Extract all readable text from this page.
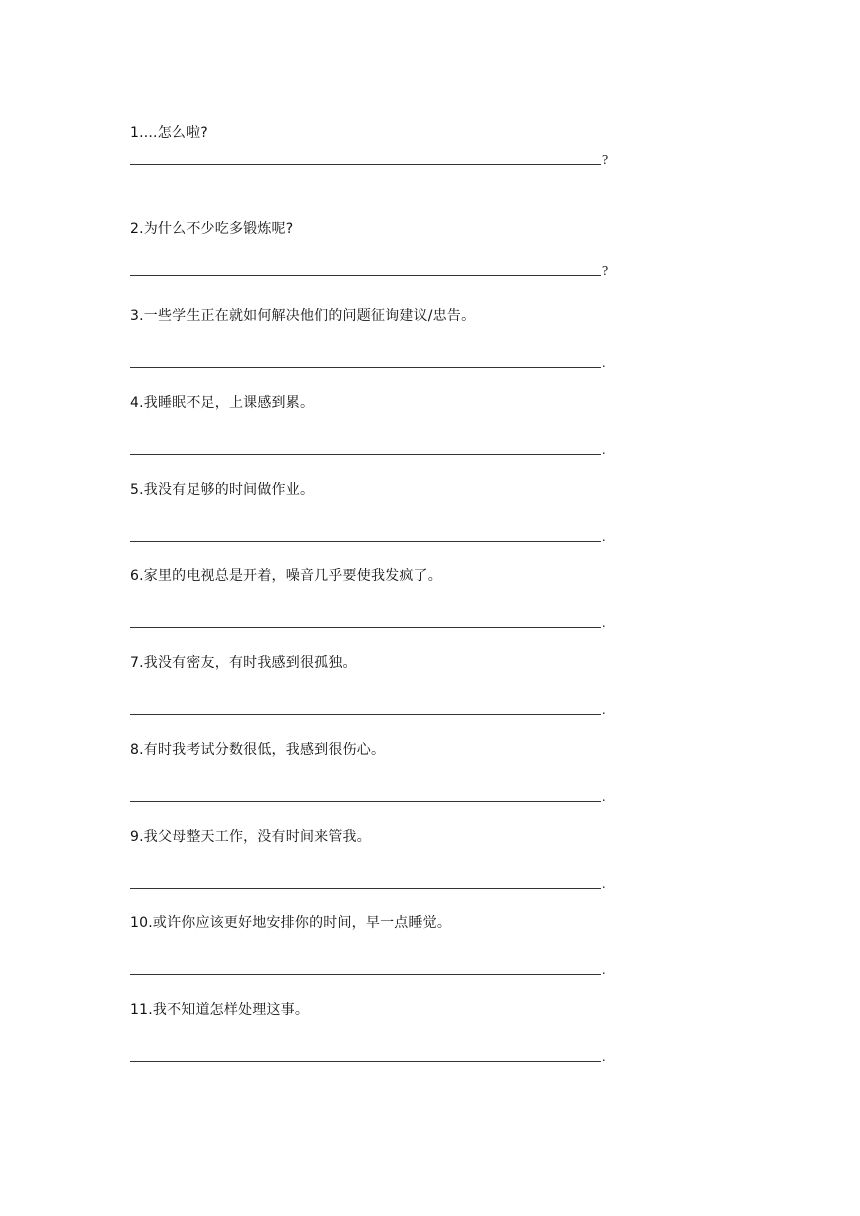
1....怎么啦?
?
2.为什么不少吃多锻炼呢?
?
3.一些学生正在就如何解决他们的问题征询建议/忠告。
.
4.我睡眠不足，上课感到累。
.
5.我没有足够的时间做作业。
.
6.家里的电视总是开着，噪音几乎要使我发疯了。
.
7.我没有密友，有时我感到很孤独。
.
8.有时我考试分数很低，我感到很伤心。
.
9.我父母整天工作，没有时间来管我。
.
10.或许你应该更好地安排你的时间，早一点睡觉。
.
11.我不知道怎样处理这事。
.
